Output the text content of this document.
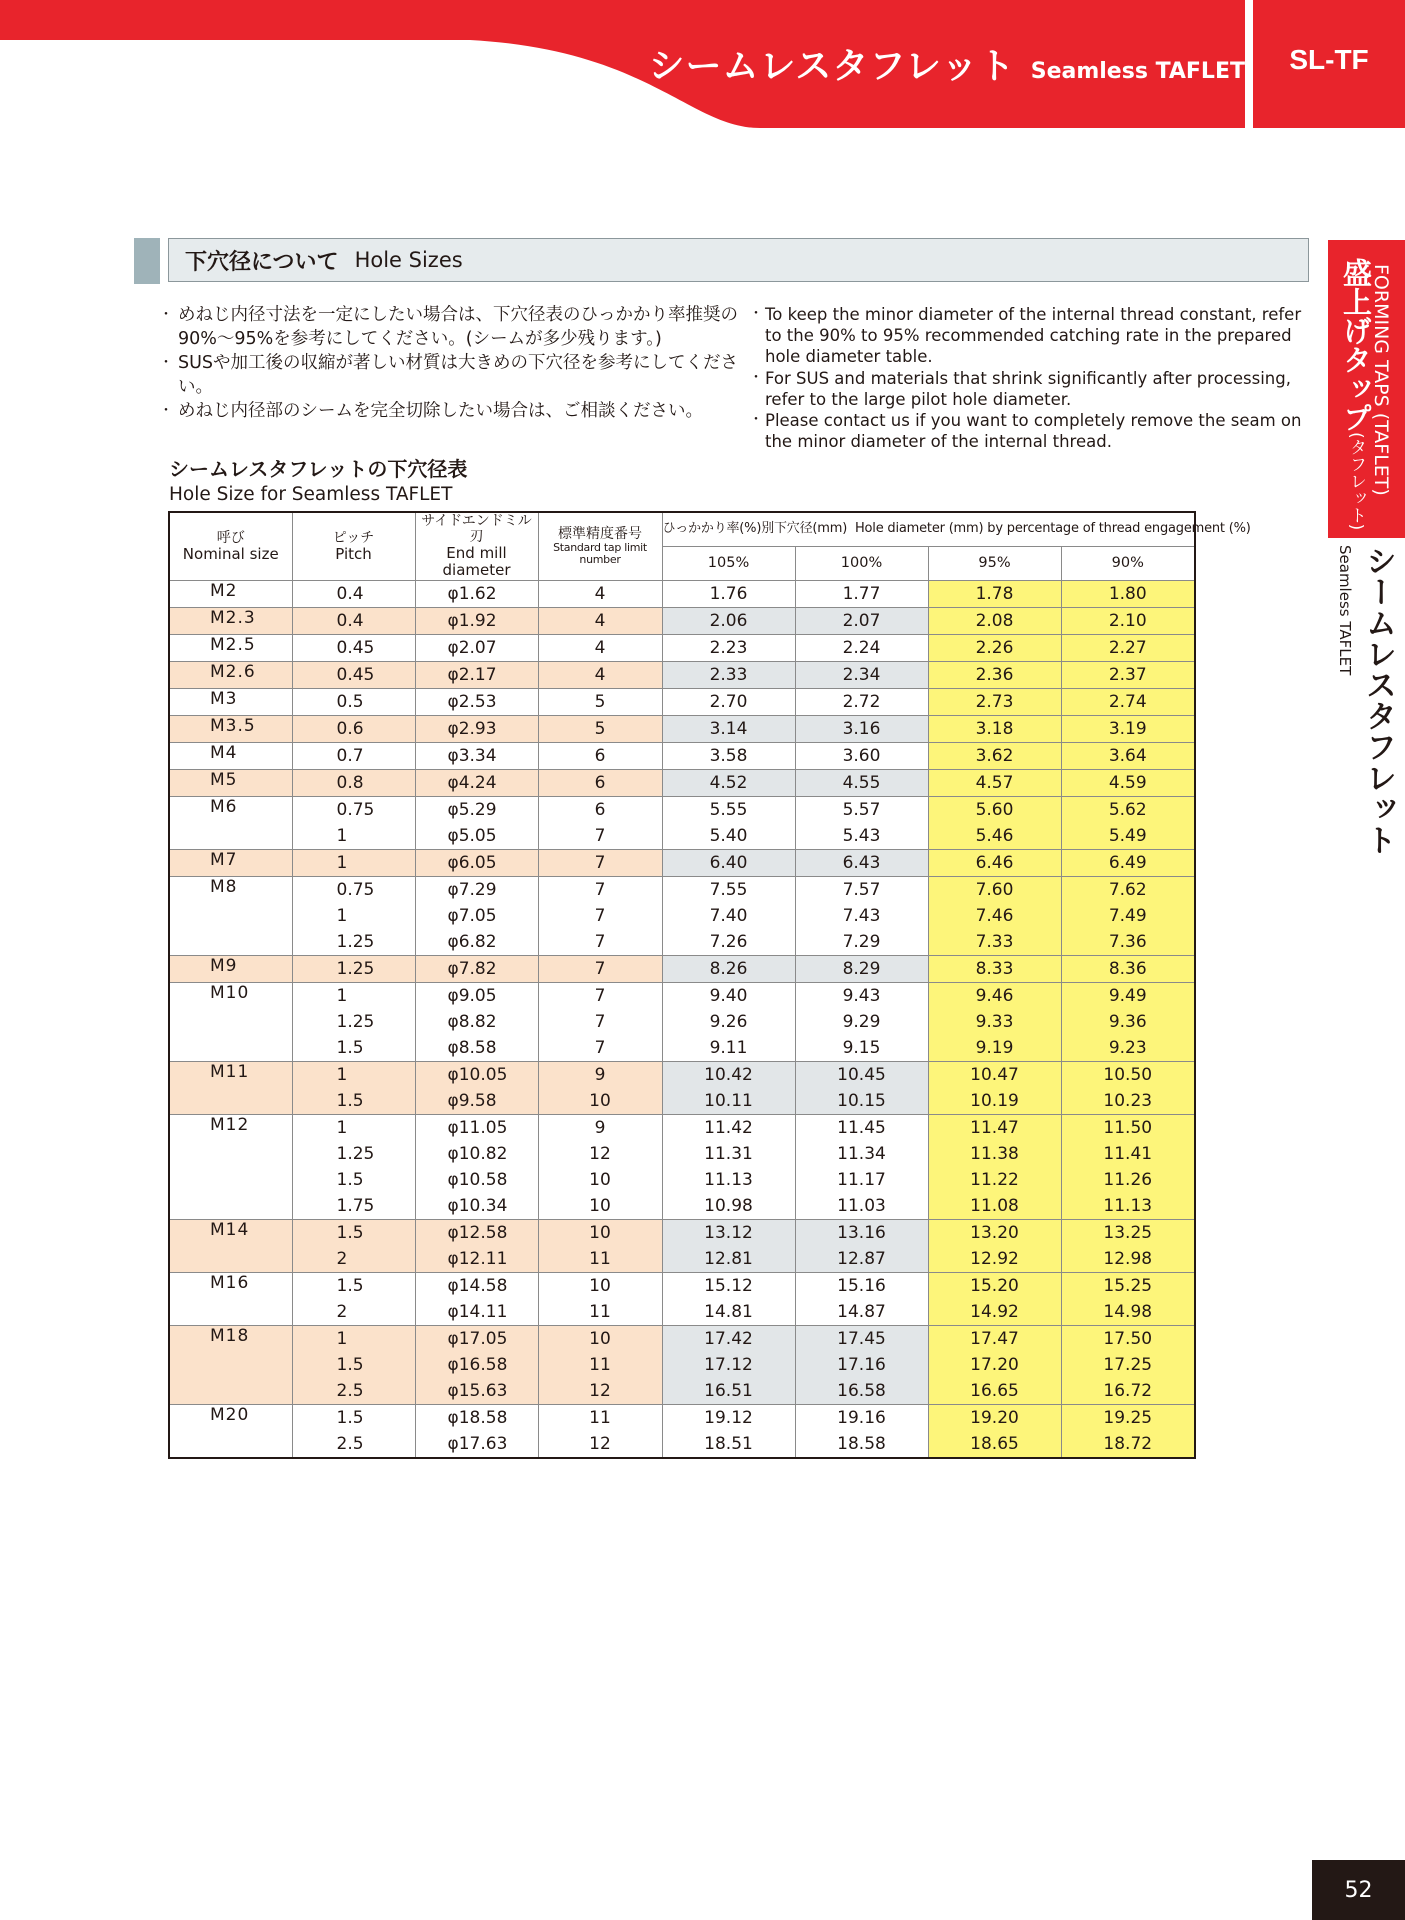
シームレスタフレット Seamless TAFLET	SL-TF
FORMING TAPS (TAFLET)
盛上げタップ(タフレット)
シームレスタフレット
Seamless TAFLET
下穴径について Hole Sizes
・ めねじ内径寸法を一定にしたい場合は、下穴径表のひっかかり率推奨の90%〜95%を参考にしてください。(シームが多少残ります。)
・ SUSや加工後の収縮が著しい材質は大きめの下穴径を参考にしてください。
・ めねじ内径部のシームを完全切除したい場合は、ご相談ください。
・ To keep the minor diameter of the internal thread constant, refer to the 90% to 95% recommended catching rate in the prepared hole diameter table.
・ For SUS and materials that shrink significantly after processing, refer to the large pilot hole diameter.
・ Please contact us if you want to completely remove the seam on the minor diameter of the internal thread.
シームレスタフレットの下穴径表
Hole Size for Seamless TAFLET
呼び
Nominal size	ピッチ
Pitch	サイドエンドミル刃
End mill diameter	標準精度番号
Standard tap limit number	ひっかかり率(%)別下穴径(mm) Hole diameter (mm) by percentage of thread engagement (%)			
				105%	100%	95%	90%
M2	0.4	φ1.62	4	1.76	1.77	1.78	1.80
M2.3	0.4	φ1.92	4	2.06	2.07	2.08	2.10
M2.5	0.45	φ2.07	4	2.23	2.24	2.26	2.27
M2.6	0.45	φ2.17	4	2.33	2.34	2.36	2.37
M3	0.5	φ2.53	5	2.70	2.72	2.73	2.74
M3.5	0.6	φ2.93	5	3.14	3.16	3.18	3.19
M4	0.7	φ3.34	6	3.58	3.60	3.62	3.64
M5	0.8	φ4.24	6	4.52	4.55	4.57	4.59
M6	0.75	φ5.29	6	5.55	5.57	5.60	5.62
	1	φ5.05	7	5.40	5.43	5.46	5.49
M7	1	φ6.05	7	6.40	6.43	6.46	6.49
M8	0.75	φ7.29	7	7.55	7.57	7.60	7.62
	1	φ7.05	7	7.40	7.43	7.46	7.49
	1.25	φ6.82	7	7.26	7.29	7.33	7.36
M9	1.25	φ7.82	7	8.26	8.29	8.33	8.36
M10	1	φ9.05	7	9.40	9.43	9.46	9.49
	1.25	φ8.82	7	9.26	9.29	9.33	9.36
	1.5	φ8.58	7	9.11	9.15	9.19	9.23
M11	1	φ10.05	9	10.42	10.45	10.47	10.50
	1.5	φ9.58	10	10.11	10.15	10.19	10.23
M12	1	φ11.05	9	11.42	11.45	11.47	11.50
	1.25	φ10.82	12	11.31	11.34	11.38	11.41
	1.5	φ10.58	10	11.13	11.17	11.22	11.26
	1.75	φ10.34	10	10.98	11.03	11.08	11.13
M14	1.5	φ12.58	10	13.12	13.16	13.20	13.25
	2	φ12.11	11	12.81	12.87	12.92	12.98
M16	1.5	φ14.58	10	15.12	15.16	15.20	15.25
	2	φ14.11	11	14.81	14.87	14.92	14.98
M18	1	φ17.05	10	17.42	17.45	17.47	17.50
	1.5	φ16.58	11	17.12	17.16	17.20	17.25
	2.5	φ15.63	12	16.51	16.58	16.65	16.72
M20	1.5	φ18.58	11	19.12	19.16	19.20	19.25
	2.5	φ17.63	12	18.51	18.58	18.65	18.72
52
